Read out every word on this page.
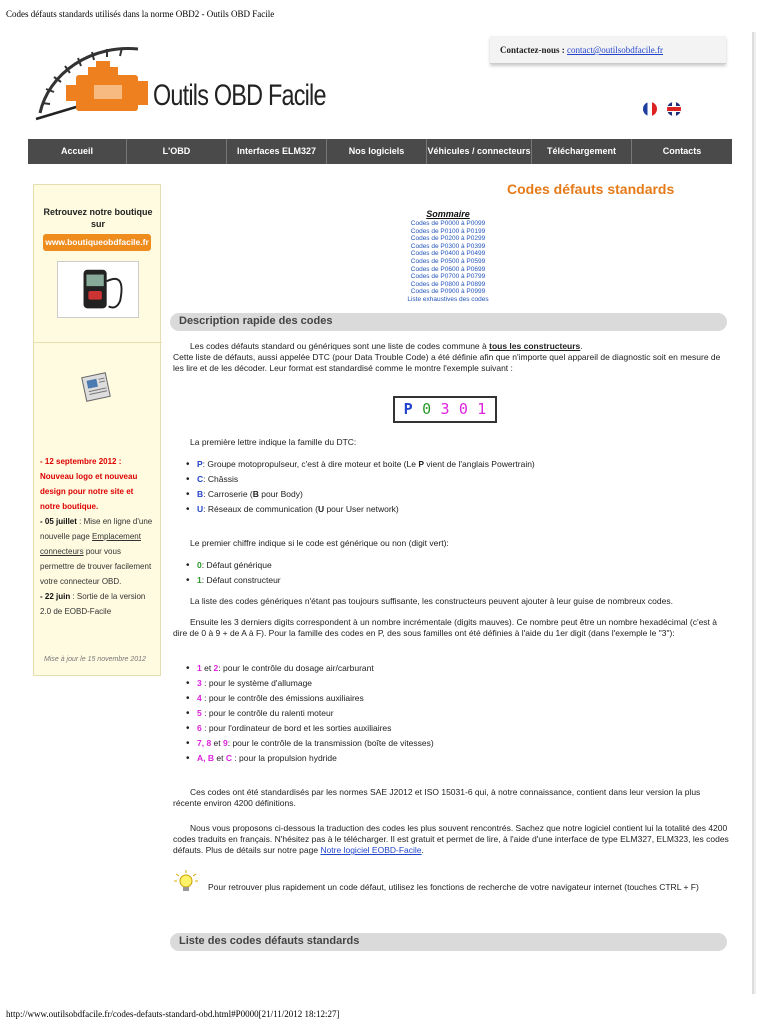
Codes défauts standards utilisés dans la norme OBD2 - Outils OBD Facile
Outils OBD Facile
Contactez-nous : contact@outilsobdfacile.fr
Accueil	L'OBD	Interfaces ELM327	Nos logiciels	Véhicules / connecteurs	Téléchargement	Contacts
Retrouvez notre boutique
sur
www.boutiqueobdfacile.fr
- 12 septembre 2012 : Nouveau logo et nouveau design pour notre site et notre boutique.
- 05 juillet : Mise en ligne d'une nouvelle page Emplacement connecteurs pour vous permettre de trouver facilement votre connecteur OBD.
- 22 juin : Sortie de la version 2.0 de EOBD-Facile
Mise à jour le 15 novembre 2012
Codes défauts standards
Sommaire
Codes de P0000 à P0099
Codes de P0100 à P0199
Codes de P0200 à P0299
Codes de P0300 à P0399
Codes de P0400 à P0499
Codes de P0500 à P0599
Codes de P0600 à P0699
Codes de P0700 à P0799
Codes de P0800 à P0899
Codes de P0900 à P0999
Liste exhaustives des codes
Description rapide des codes
Les codes défauts standard ou génériques sont une liste de codes commune à tous les constructeurs.
Cette liste de défauts, aussi appelée DTC (pour Data Trouble Code) a été définie afin que n'importe quel appareil de diagnostic soit en mesure de les lire et de les décoder. Leur format est standardisé comme le montre l'exemple suivant :
P 0 3 0 1
La première lettre indique la famille du DTC:
• P: Groupe motopropulseur, c'est à dire moteur et boite (Le P vient de l'anglais Powertrain)
• C: Châssis
• B: Carroserie (B pour Body)
• U: Réseaux de communication (U pour User network)
Le premier chiffre indique si le code est générique ou non (digit vert):
• 0: Défaut générique
• 1: Défaut constructeur
La liste des codes génériques n'étant pas toujours suffisante, les constructeurs peuvent ajouter à leur guise de nombreux codes.
Ensuite les 3 derniers digits correspondent à un nombre incrémentale (digits mauves). Ce nombre peut être un nombre hexadécimal (c'est à dire de 0 à 9 + de A à F). Pour la famille des codes en P, des sous familles ont été définies à l'aide du 1er digit (dans l'exemple le "3"):
• 1 et 2: pour le contrôle du dosage air/carburant
• 3 : pour le système d'allumage
• 4 : pour le contrôle des émissions auxiliaires
• 5 : pour le contrôle du ralenti moteur
• 6 : pour l'ordinateur de bord et les sorties auxiliaires
• 7, 8 et 9: pour le contrôle de la transmission (boîte de vitesses)
• A, B et C : pour la propulsion hydride
Ces codes ont été standardisés par les normes SAE J2012 et ISO 15031-6 qui, à notre connaissance, contient dans leur version la plus récente environ 4200 définitions.
Nous vous proposons ci-dessous la traduction des codes les plus souvent rencontrés. Sachez que notre logiciel contient lui la totalité des 4200 codes traduits en français. N'hésitez pas à le télécharger. Il est gratuit et permet de lire, à l'aide d'une interface de type ELM327, ELM323, les codes défauts. Plus de détails sur notre page Notre logiciel EOBD-Facile.
Pour retrouver plus rapidement un code défaut, utilisez les fonctions de recherche de votre navigateur internet (touches CTRL + F)
Liste des codes défauts standards
http://www.outilsobdfacile.fr/codes-defauts-standard-obd.html#P0000[21/11/2012 18:12:27]
